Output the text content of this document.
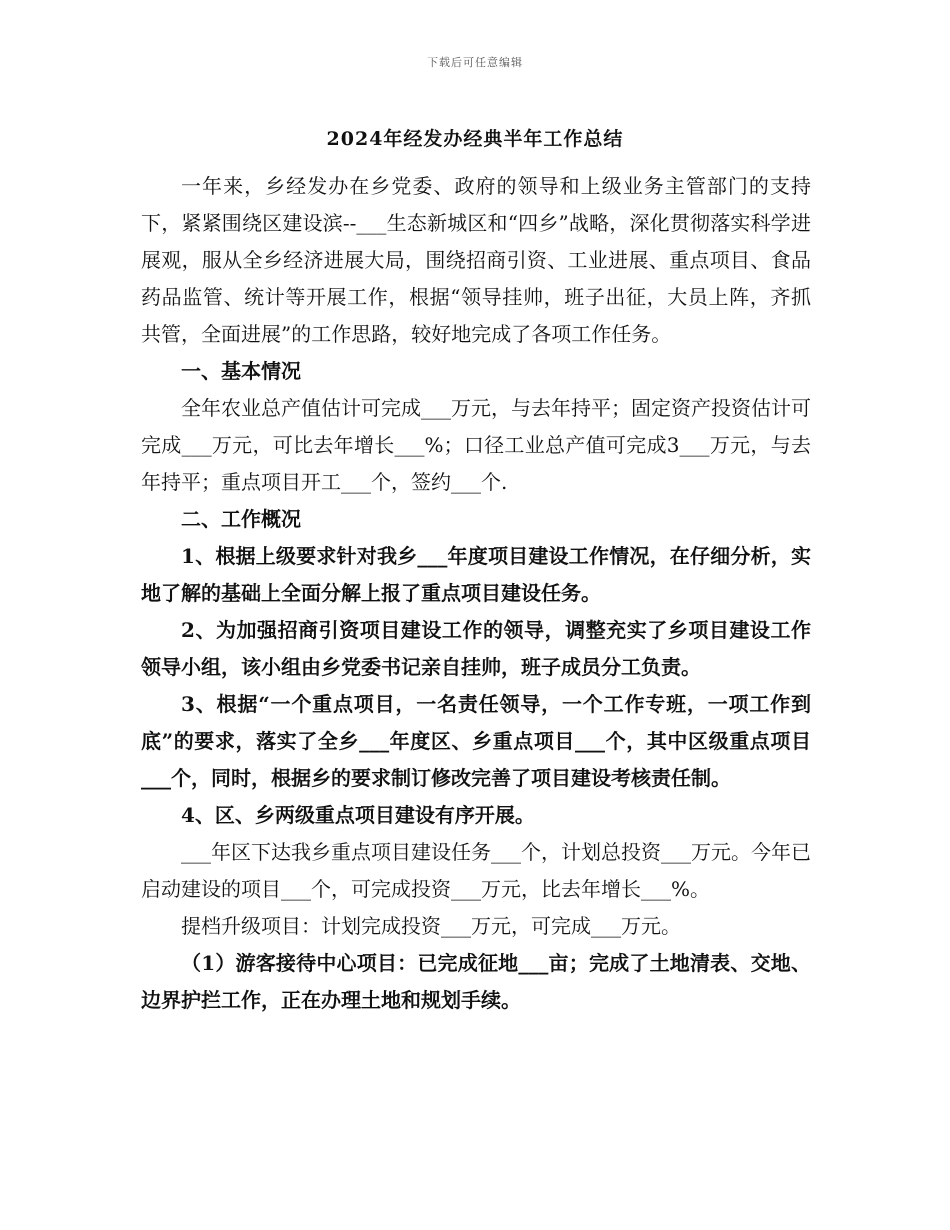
下载后可任意编辑
2024年经发办经典半年工作总结

一年来，乡经发办在乡党委、政府的领导和上级业务主管部门的支持下，紧紧围绕区建设滨--___生态新城区和“四乡”战略，深化贯彻落实科学进展观，服从全乡经济进展大局，围绕招商引资、工业进展、重点项目、食品药品监管、统计等开展工作，根据“领导挂帅，班子出征，大员上阵，齐抓共管，全面进展”的工作思路，较好地完成了各项工作任务。

一、基本情况

全年农业总产值估计可完成___万元，与去年持平；固定资产投资估计可完成___万元，可比去年增长___%；口径工业总产值可完成3___万元，与去年持平；重点项目开工___个，签约___个.

二、工作概况

1、根据上级要求针对我乡___年度项目建设工作情况，在仔细分析，实地了解的基础上全面分解上报了重点项目建设任务。

2、为加强招商引资项目建设工作的领导，调整充实了乡项目建设工作领导小组，该小组由乡党委书记亲自挂帅，班子成员分工负责。

3、根据“一个重点项目，一名责任领导，一个工作专班，一项工作到底”的要求，落实了全乡___年度区、乡重点项目___个，其中区级重点项目___个，同时，根据乡的要求制订修改完善了项目建设考核责任制。

4、区、乡两级重点项目建设有序开展。

___年区下达我乡重点项目建设任务___个，计划总投资___万元。今年已启动建设的项目___个，可完成投资___万元，比去年增长___%。

提档升级项目：计划完成投资___万元，可完成___万元。

（1）游客接待中心项目：已完成征地___亩；完成了土地清表、交地、边界护拦工作，正在办理土地和规划手续。
